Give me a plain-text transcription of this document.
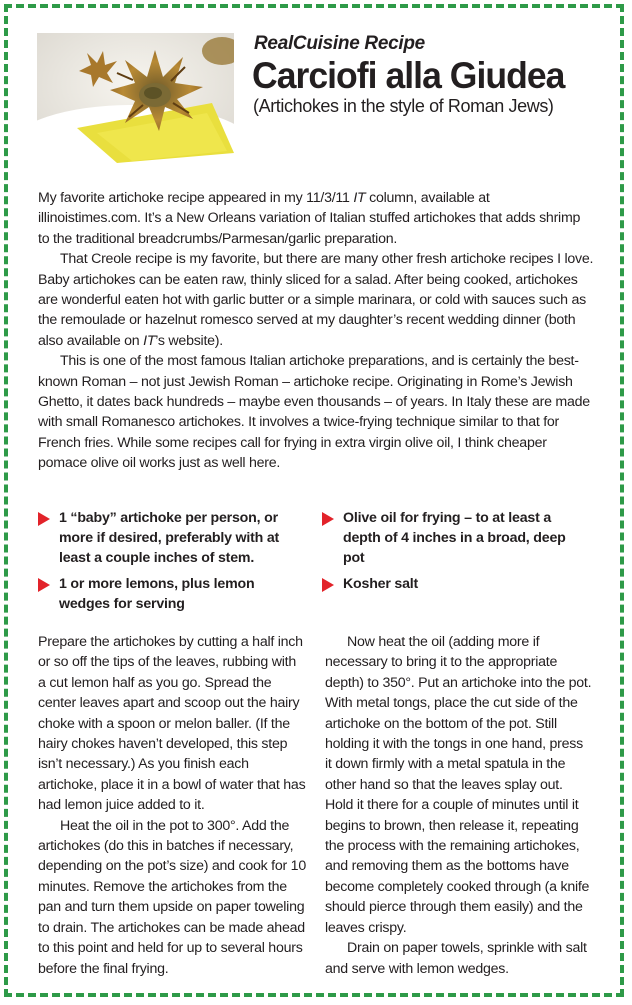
RealCuisine Recipe
Carciofi alla Giudea
(Artichokes in the style of Roman Jews)

My favorite artichoke recipe appeared in my 11/3/11 IT column, available at illinoistimes.com. It’s a New Orleans variation of Italian stuffed artichokes that adds shrimp to the traditional breadcrumbs/Parmesan/garlic preparation.

That Creole recipe is my favorite, but there are many other fresh artichoke recipes I love. Baby artichokes can be eaten raw, thinly sliced for a salad. After being cooked, artichokes are wonderful eaten hot with garlic butter or a simple marinara, or cold with sauces such as the remoulade or hazelnut romesco served at my daughter’s recent wedding dinner (both also available on IT’s website).

This is one of the most famous Italian artichoke preparations, and is certainly the best-known Roman – not just Jewish Roman – artichoke recipe. Originating in Rome’s Jewish Ghetto, it dates back hundreds – maybe even thousands – of years. In Italy these are made with small Romanesco artichokes. It involves a twice-frying technique similar to that for French fries. While some recipes call for frying in extra virgin olive oil, I think cheaper pomace olive oil works just as well here.

1 “baby” artichoke per person, or more if desired, preferably with at least a couple inches of stem.
1 or more lemons, plus lemon wedges for serving
Olive oil for frying – to at least a depth of 4 inches in a broad, deep pot
Kosher salt

Prepare the artichokes by cutting a half inch or so off the tips of the leaves, rubbing with a cut lemon half as you go. Spread the center leaves apart and scoop out the hairy choke with a spoon or melon baller. (If the hairy chokes haven’t developed, this step isn’t necessary.) As you finish each artichoke, place it in a bowl of water that has had lemon juice added to it.

Heat the oil in the pot to 300°. Add the artichokes (do this in batches if necessary, depending on the pot’s size) and cook for 10 minutes. Remove the artichokes from the pan and turn them upside on paper toweling to drain. The artichokes can be made ahead to this point and held for up to several hours before the final frying.

Now heat the oil (adding more if necessary to bring it to the appropriate depth) to 350°. Put an artichoke into the pot. With metal tongs, place the cut side of the artichoke on the bottom of the pot. Still holding it with the tongs in one hand, press it down firmly with a metal spatula in the other hand so that the leaves splay out. Hold it there for a couple of minutes until it begins to brown, then release it, repeating the process with the remaining artichokes, and removing them as the bottoms have become completely cooked through (a knife should pierce through them easily) and the leaves crispy.

Drain on paper towels, sprinkle with salt and serve with lemon wedges.
